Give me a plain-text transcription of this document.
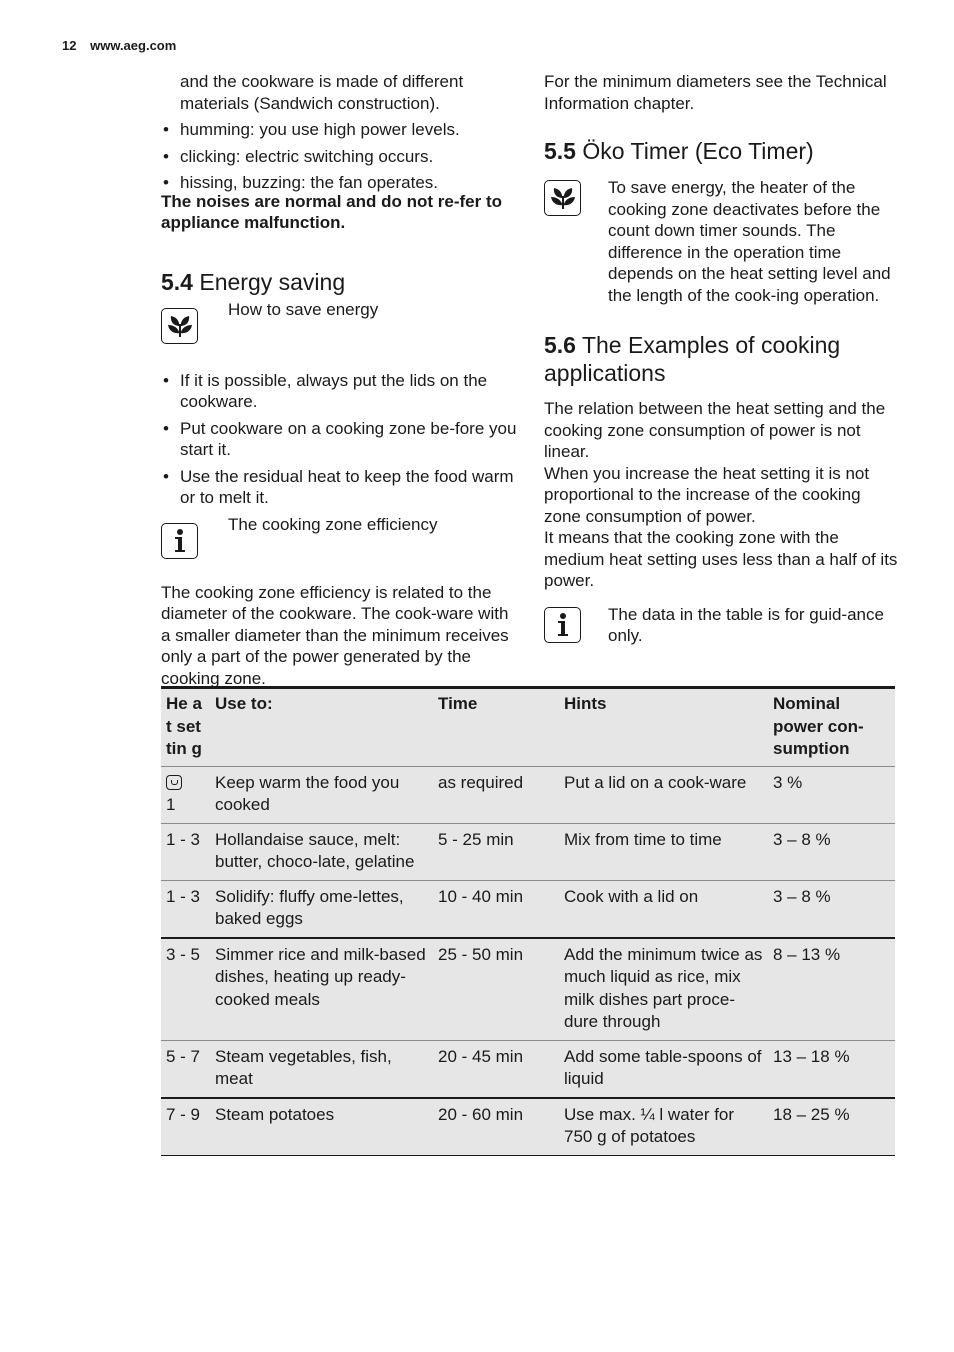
12 www.aeg.com

and the cookware is made of different materials (Sandwich construction).

• humming: you use high power levels.
• clicking: electric switching occurs.
• hissing, buzzing: the fan operates.

The noises are normal and do not re-fer to appliance malfunction.

5.4 Energy saving
How to save energy
• If it is possible, always put the lids on the cookware.
• Put cookware on a cooking zone be-fore you start it.
• Use the residual heat to keep the food warm or to melt it.
The cooking zone efficiency

The cooking zone efficiency is related to the diameter of the cookware. The cook-ware with a smaller diameter than the minimum receives only a part of the power generated by the cooking zone.

For the minimum diameters see the Technical Information chapter.

5.5 Öko Timer (Eco Timer)
To save energy, the heater of the cooking zone deactivates before the count down timer sounds. The difference in the operation time depends on the heat setting level and the length of the cook-ing operation.
5.6 The Examples of cooking applications

The relation between the heat setting and the cooking zone consumption of power is not linear.

When you increase the heat setting it is not proportional to the increase of the cooking zone consumption of power.

It means that the cooking zone with the medium heat setting uses less than a half of its power.

The data in the table is for guid-ance only.
He at set tin g	Use to:	Time	Hints	Nominal power con-sumption

1	Keep warm the food you cooked	as required	Put a lid on a cook-ware	3 %
1 - 3	Hollandaise sauce, melt: butter, choco-late, gelatine	5 - 25 min	Mix from time to time	3 – 8 %
1 - 3	Solidify: fluffy ome-lettes, baked eggs	10 - 40 min	Cook with a lid on	3 – 8 %
3 - 5	Simmer rice and milk-based dishes, heating up ready-cooked meals	25 - 50 min	Add the minimum twice as much liquid as rice, mix milk dishes part proce-dure through	8 – 13 %
5 - 7	Steam vegetables, fish, meat	20 - 45 min	Add some table-spoons of liquid	13 – 18 %
7 - 9	Steam potatoes	20 - 60 min	Use max. ¼ l water for 750 g of potatoes	18 – 25 %
